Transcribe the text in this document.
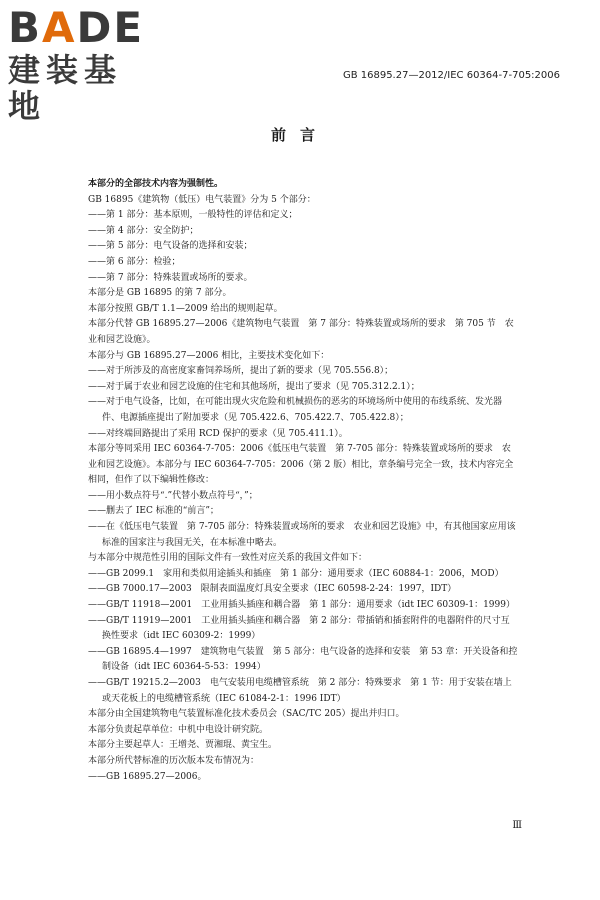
BADE
建装基地
GB 16895.27—2012/IEC 60364-7-705:2006
前言

本部分的全部技术内容为强制性。

GB 16895《建筑物（低压）电气装置》分为 5 个部分：

——第 1 部分：基本原则，一般特性的评估和定义；

——第 4 部分：安全防护；

——第 5 部分：电气设备的选择和安装；

——第 6 部分：检验；

——第 7 部分：特殊装置或场所的要求。

本部分是 GB 16895 的第 7 部分。

本部分按照 GB/T 1.1—2009 给出的规则起草。

本部分代替 GB 16895.27—2006《建筑物电气装置　第 7 部分：特殊装置或场所的要求　第 705 节　农业和园艺设施》。

本部分与 GB 16895.27—2006 相比，主要技术变化如下：

——对于所涉及的高密度家畜饲养场所，提出了新的要求（见 705.556.8）；

——对于属于农业和园艺设施的住宅和其他场所，提出了要求（见 705.312.2.1）；

——对于电气设备，比如，在可能出现火灾危险和机械损伤的恶劣的环境场所中使用的布线系统、发光器件、电源插座提出了附加要求（见 705.422.6、705.422.7、705.422.8）；

——对终端回路提出了采用 RCD 保护的要求（见 705.411.1）。

本部分等同采用 IEC 60364-7-705：2006《低压电气装置　第 7-705 部分：特殊装置或场所的要求　农业和园艺设施》。本部分与 IEC 60364-7-705：2006（第 2 版）相比，章条编号完全一致，技术内容完全相同，但作了以下编辑性修改：

——用小数点符号“.”代替小数点符号“，”；

——删去了 IEC 标准的“前言”；

——在《低压电气装置　第 7-705 部分：特殊装置或场所的要求　农业和园艺设施》中，有其他国家应用该标准的国家注与我国无关，在本标准中略去。

与本部分中规范性引用的国际文件有一致性对应关系的我国文件如下：

——GB 2099.1　家用和类似用途插头和插座　第 1 部分：通用要求（IEC 60884-1：2006，MOD）

——GB 7000.17—2003　限制表面温度灯具安全要求（IEC 60598-2-24：1997，IDT）

——GB/T 11918—2001　工业用插头插座和耦合器　第 1 部分：通用要求（idt IEC 60309-1：1999）

——GB/T 11919—2001　工业用插头插座和耦合器　第 2 部分：带插销和插套附件的电器附件的尺寸互换性要求（idt IEC 60309-2：1999）

——GB 16895.4—1997　建筑物电气装置　第 5 部分：电气设备的选择和安装　第 53 章：开关设备和控制设备（idt IEC 60364-5-53：1994）

——GB/T 19215.2—2003　电气安装用电缆槽管系统　第 2 部分：特殊要求　第 1 节：用于安装在墙上或天花板上的电缆槽管系统（IEC 61084-2-1：1996 IDT）

本部分由全国建筑物电气装置标准化技术委员会（SAC/TC 205）提出并归口。

本部分负责起草单位：中机中电设计研究院。

本部分主要起草人：王增尧、贾湘琨、黄宝生。

本部分所代替标准的历次版本发布情况为：

——GB 16895.27—2006。

Ⅲ
